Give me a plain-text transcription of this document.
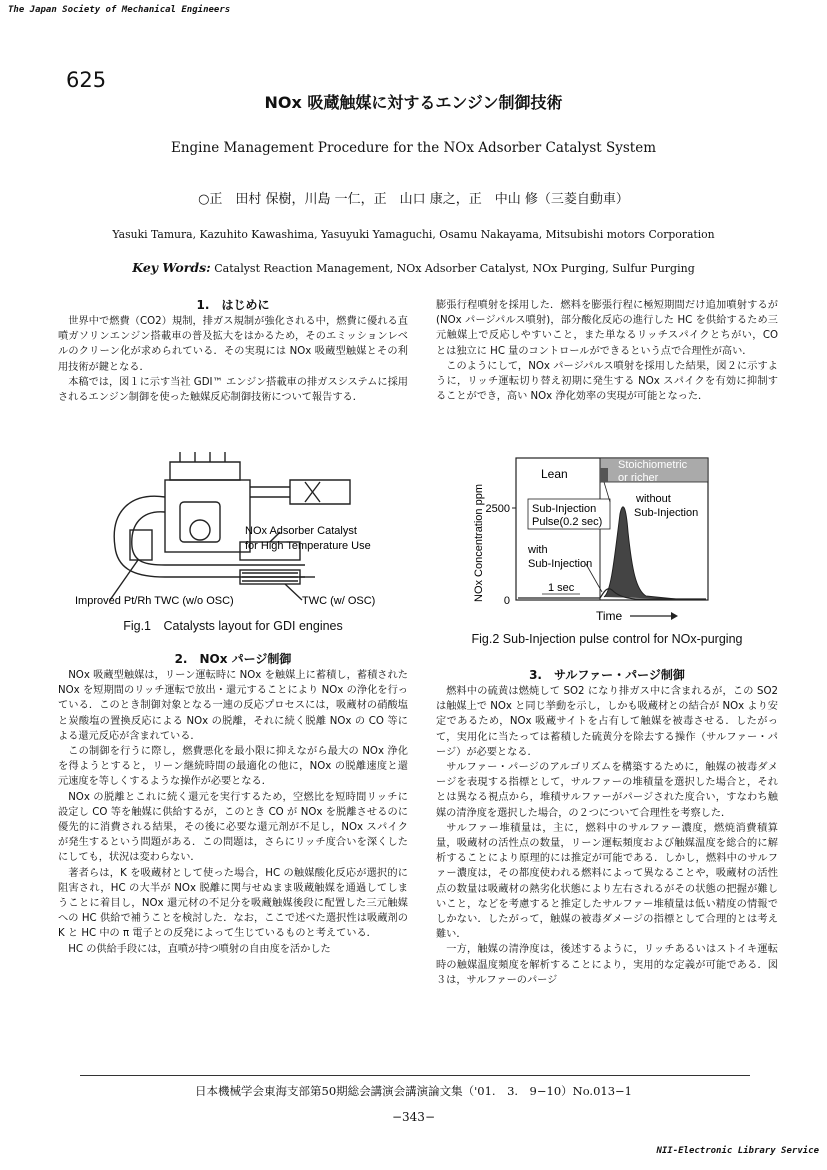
The Japan Society of Mechanical Engineers
625
NOx 吸蔵触媒に対するエンジン制御技術
Engine Management Procedure for the NOx Adsorber Catalyst System
○正　田村 保樹，川島 一仁，正　山口 康之，正　中山 修（三菱自動車）
Yasuki Tamura, Kazuhito Kawashima, Yasuyuki Yamaguchi, Osamu Nakayama, Mitsubishi motors Corporation
Key Words: Catalyst Reaction Management, NOx Adsorber Catalyst, NOx Purging, Sulfur Purging
1.　はじめに

世界中で燃費（CO2）規制，排ガス規制が強化される中，燃費に優れる直噴ガソリンエンジン搭載車の普及拡大をはかるため，そのエミッションレベルのクリーン化が求められている．その実現には NOx 吸蔵型触媒とその利用技術が鍵となる．

本稿では，図１に示す当社 GDI™ エンジン搭載車の排ガスシステムに採用されるエンジン制御を使った触媒反応制御技術について報告する．

NOx Adsorber Catalyst
for High Temperature Use
Improved Pt/Rh TWC (w/o OSC)	TWC (w/ OSC)
Fig.1　Catalysts layout for GDI engines
2.　NOx パージ制御

NOx 吸蔵型触媒は，リーン運転時に NOx を触媒上に蓄積し，蓄積された NOx を短期間のリッチ運転で放出・還元することにより NOx の浄化を行っている．このとき制御対象となる一連の反応プロセスには，吸蔵材の硝酸塩と炭酸塩の置換反応による NOx の脱離，それに続く脱離 NOx の CO 等による還元反応が含まれている．

この制御を行うに際し，燃費悪化を最小限に抑えながら最大の NOx 浄化を得ようとすると，リーン継続時間の最適化の他に，NOx の脱離速度と還元速度を等しくするような操作が必要となる．

NOx の脱離とこれに続く還元を実行するため，空燃比を短時間リッチに設定し CO 等を触媒に供給するが，このとき CO が NOx を脱離させるのに優先的に消費される結果，その後に必要な還元剤が不足し，NOx スパイクが発生するという問題がある．この問題は，さらにリッチ度合いを深くしたにしても，状況は変わらない．

著者らは，K を吸蔵材として使った場合，HC の触媒酸化反応が選択的に阻害され，HC の大半が NOx 脱離に関与せぬまま吸蔵触媒を通過してしまうことに着目し，NOx 還元材の不足分を吸蔵触媒後段に配置した三元触媒への HC 供給で補うことを検討した．なお，ここで述べた選択性は吸蔵剤の K と HC 中の π 電子との反発によって生じているものと考えている．

HC の供給手段には，直噴が持つ噴射の自由度を活かした

膨張行程噴射を採用した．燃料を膨張行程に極短期間だけ追加噴射するが(NOx パージパルス噴射)，部分酸化反応の進行した HC を供給するため三元触媒上で反応しやすいこと，また単なるリッチスパイクとちがい，CO とは独立に HC 量のコントロールができるという点で合理性が高い．

このようにして，NOx パージパルス噴射を採用した結果，図２に示すように，リッチ運転切り替え初期に発生する NOx スパイクを有効に抑制することができ，高い NOx 浄化効率の実現が可能となった．

2500
0
NOx Concentration ppm
Lean
Stoichiometric
or richer
Sub-Injection
Pulse(0.2 sec)
without
Sub-Injection
with
Sub-Injection
1 sec
Time
Fig.2 Sub-Injection pulse control for NOx-purging
3.　サルファー・パージ制御

燃料中の硫黄は燃焼して SO2 になり排ガス中に含まれるが，この SO2 は触媒上で NOx と同じ挙動を示し，しかも吸蔵材との結合が NOx より安定であるため，NOx 吸蔵サイトを占有して触媒を被毒させる．したがって，実用化に当たっては蓄積した硫黄分を除去する操作（サルファー・パージ）が必要となる．

サルファー・パージのアルゴリズムを構築するために，触媒の被毒ダメージを表現する指標として，サルファーの堆積量を選択した場合と，それとは異なる視点から，堆積サルファーがパージされた度合い，すなわち触媒の清浄度を選択した場合，の２つについて合理性を考察した．

サルファー堆積量は，主に，燃料中のサルファー濃度，燃焼消費積算量，吸蔵材の活性点の数量，リーン運転頻度および触媒温度を総合的に解析することにより原理的には推定が可能である．しかし，燃料中のサルファー濃度は，その都度使われる燃料によって異なることや，吸蔵材の活性点の数量は吸蔵材の熱劣化状態により左右されるがその状態の把握が難しいこと，などを考慮すると推定したサルファー堆積量は低い精度の情報でしかない．したがって，触媒の被毒ダメージの指標として合理的とは考え難い．

一方，触媒の清浄度は，後述するように，リッチあるいはストイキ運転時の触媒温度頻度を解析することにより，実用的な定義が可能である．図３は，サルファーのパージ

日本機械学会東海支部第50期総会講演会講演論文集（'01.　3.　9−10）No.013−1
−343−
NII-Electronic Library Service
